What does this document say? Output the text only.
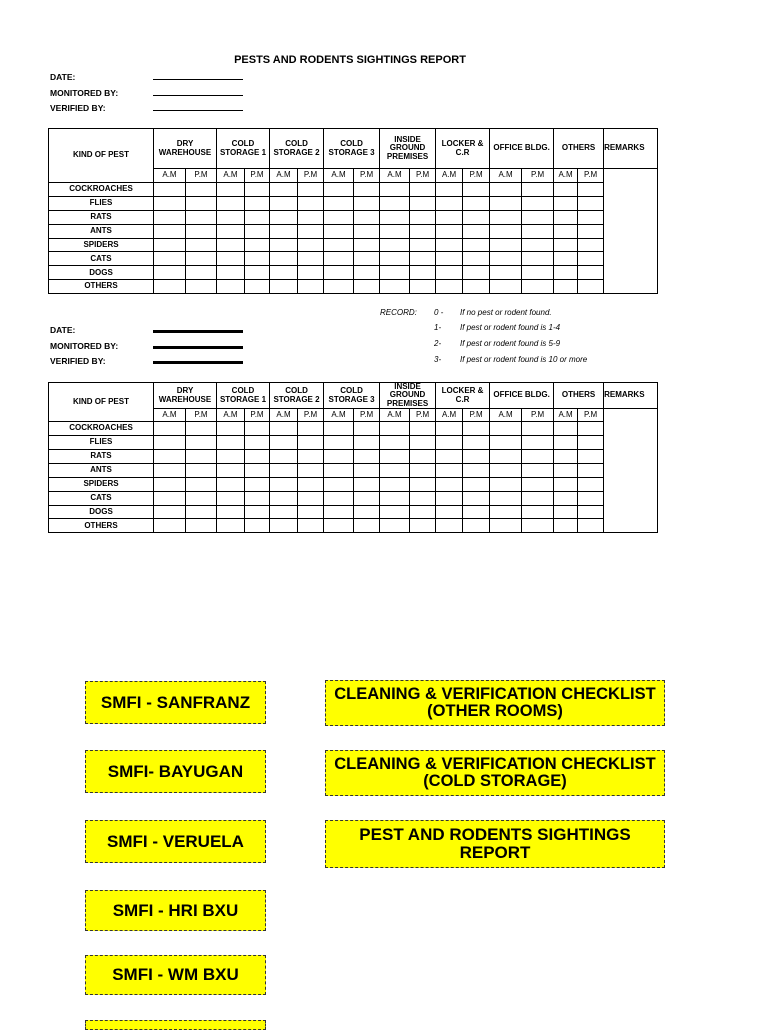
PESTS AND RODENTS SIGHTINGS REPORT
DATE:
MONITORED BY:
VERIFIED BY:
KIND OF PEST	DRY WAREHOUSE		COLD STORAGE 1		COLD STORAGE 2		COLD STORAGE 3		INSIDE GROUND PREMISES		LOCKER & C.R		OFFICE BLDG.		OTHERS		REMARKS
	A.M	P.M	A.M	P.M	A.M	P.M	A.M	P.M	A.M	P.M	A.M	P.M	A.M	P.M	A.M	P.M	
COCKROACHES																	
FLIES																	
RATS																	
ANTS																	
SPIDERS																	
CATS																	
DOGS																	
OTHERS																	
RECORD: 0 - If no pest or rodent found.
1- If pest or rodent found is 1-4
2- If pest or rodent found is 5-9
3- If pest or rodent found is 10 or more
DATE:
MONITORED BY:
VERIFIED BY:
KIND OF PEST	DRY WAREHOUSE		COLD STORAGE 1		COLD STORAGE 2		COLD STORAGE 3		INSIDE GROUND PREMISES		LOCKER & C.R		OFFICE BLDG.		OTHERS		REMARKS
	A.M	P.M	A.M	P.M	A.M	P.M	A.M	P.M	A.M	P.M	A.M	P.M	A.M	P.M	A.M	P.M	
COCKROACHES																	
FLIES																	
RATS																	
ANTS																	
SPIDERS																	
CATS																	
DOGS																	
OTHERS																	
SMFI - SANFRANZ
SMFI- BAYUGAN
SMFI - VERUELA
SMFI - HRI BXU
SMFI - WM BXU
CLEANING & VERIFICATION CHECKLIST
(OTHER ROOMS)
CLEANING & VERIFICATION CHECKLIST
(COLD STORAGE)
PEST AND RODENTS SIGHTINGS REPORT
